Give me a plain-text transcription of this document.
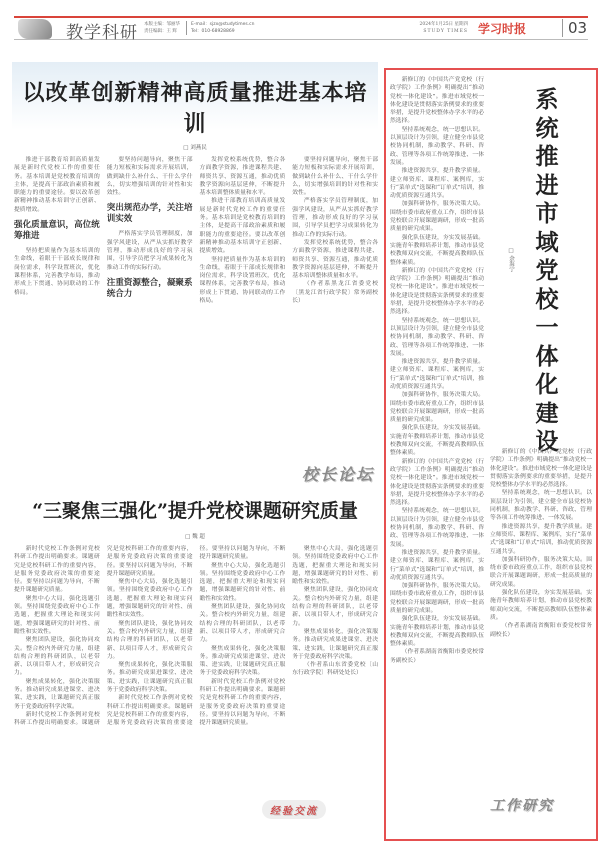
教学科研 本版主编：邹丽华
责任编辑：王 辉
E-mail：sjzx@studytimes.cn
Tel：010-68928869
2024年1月25日 星期四
STUDY TIMES 学习时报	03
以改革创新精神高质量推进基本培训
□ 刘燕民

推进干部教育培训高质量发展是新时代党校工作的重要任务。基本培训是党校教育培训的主体，是提高干部政治素质和履职能力的重要途径。要以改革创新精神推动基本培训守正创新、提质增效。

强化质量意识，高位统筹推进

坚持把质量作为基本培训的生命线，着眼于干部成长规律和岗位需求，科学设置班次，优化课程体系，完善教学布局，推动形成上下贯通、协同联动的工作格局。

要坚持问题导向，聚焦干部能力短板和实际需求开展培训，做到缺什么补什么、干什么学什么，切实增强培训的针对性和实效性。

突出规范办学，关注培训实效

严格落实学员管理制度，加强学风建设，从严从实抓好教学管理，推动形成良好的学习氛围，引导学员把学习成果转化为推动工作的实际行动。

注重资源整合，凝聚系统合力

发挥党校系统优势，整合各方面教学资源，推进课程共建、师资共享、资源互通，推动优质教学资源向基层延伸，不断提升基本培训整体质量和水平。

推进干部教育培训高质量发展是新时代党校工作的重要任务。基本培训是党校教育培训的主体，是提高干部政治素质和履职能力的重要途径。要以改革创新精神推动基本培训守正创新、提质增效。

坚持把质量作为基本培训的生命线，着眼于干部成长规律和岗位需求，科学设置班次，优化课程体系，完善教学布局，推动形成上下贯通、协同联动的工作格局。

要坚持问题导向，聚焦干部能力短板和实际需求开展培训，做到缺什么补什么、干什么学什么，切实增强培训的针对性和实效性。

严格落实学员管理制度，加强学风建设，从严从实抓好教学管理，推动形成良好的学习氛围，引导学员把学习成果转化为推动工作的实际行动。

发挥党校系统优势，整合各方面教学资源，推进课程共建、师资共享、资源互通，推动优质教学资源向基层延伸，不断提升基本培训整体质量和水平。

（作者系黑龙江省委党校〔黑龙江省行政学院〕常务副校长）

校长论坛
“三聚焦三强化”提升党校课题研究质量
□ 魏 超

新时代党校工作条例对党校科研工作提出明确要求。课题研究是党校科研工作的重要内容，是服务党委政府决策的重要途径。要坚持以问题为导向，不断提升课题研究质量。

聚焦中心大局，强化选题引领。坚持围绕党委政府中心工作选题，把握重大理论和现实问题，增强课题研究的针对性、前瞻性和实效性。

聚焦团队建设，强化协同攻关。整合校内外研究力量，组建结构合理的科研团队，以老带新、以项目带人才，形成研究合力。

聚焦成果转化，强化决策服务。推动研究成果进课堂、进决策、进实践，让课题研究真正服务于党委政府科学决策。

新时代党校工作条例对党校科研工作提出明确要求。课题研究是党校科研工作的重要内容，是服务党委政府决策的重要途径。要坚持以问题为导向，不断提升课题研究质量。

聚焦中心大局，强化选题引领。坚持围绕党委政府中心工作选题，把握重大理论和现实问题，增强课题研究的针对性、前瞻性和实效性。

聚焦团队建设，强化协同攻关。整合校内外研究力量，组建结构合理的科研团队，以老带新、以项目带人才，形成研究合力。

聚焦成果转化，强化决策服务。推动研究成果进课堂、进决策、进实践，让课题研究真正服务于党委政府科学决策。

新时代党校工作条例对党校科研工作提出明确要求。课题研究是党校科研工作的重要内容，是服务党委政府决策的重要途径。要坚持以问题为导向，不断提升课题研究质量。

聚焦中心大局，强化选题引领。坚持围绕党委政府中心工作选题，把握重大理论和现实问题，增强课题研究的针对性、前瞻性和实效性。

聚焦团队建设，强化协同攻关。整合校内外研究力量，组建结构合理的科研团队，以老带新、以项目带人才，形成研究合力。

聚焦成果转化，强化决策服务。推动研究成果进课堂、进决策、进实践，让课题研究真正服务于党委政府科学决策。

新时代党校工作条例对党校科研工作提出明确要求。课题研究是党校科研工作的重要内容，是服务党委政府决策的重要途径。要坚持以问题为导向，不断提升课题研究质量。

聚焦中心大局，强化选题引领。坚持围绕党委政府中心工作选题，把握重大理论和现实问题，增强课题研究的针对性、前瞻性和实效性。

聚焦团队建设，强化协同攻关。整合校内外研究力量，组建结构合理的科研团队，以老带新、以项目带人才，形成研究合力。

聚焦成果转化，强化决策服务。推动研究成果进课堂、进决策、进实践，让课题研究真正服务于党委政府科学决策。

（作者系山东省委党校〔山东行政学院〕科研处处长）

经验交流

新修订的《中国共产党党校（行政学院）工作条例》明确提出“推动党校一体化建设”。推进市域党校一体化建设是贯彻落实条例要求的重要举措，是提升党校整体办学水平的必然选择。

坚持系统观念，统一思想认识。以顶层设计为引领，建立健全市县党校协同机制，推动教学、科研、咨政、管理等各项工作统筹推进、一体发展。

推进资源共享，提升教学质量。建立师资库、课程库、案例库，实行“菜单式”选课和“订单式”培训，推动优质资源互通共享。

加强科研协作，服务决策大局。围绕市委市政府重点工作，组织市县党校联合开展课题调研，形成一批高质量的研究成果。

强化队伍建设，夯实发展基础。实施青年教师培养计划，推动市县党校教师双向交流，不断提高教师队伍整体素质。

新修订的《中国共产党党校（行政学院）工作条例》明确提出“推动党校一体化建设”。推进市域党校一体化建设是贯彻落实条例要求的重要举措，是提升党校整体办学水平的必然选择。

坚持系统观念，统一思想认识。以顶层设计为引领，建立健全市县党校协同机制，推动教学、科研、咨政、管理等各项工作统筹推进、一体发展。

推进资源共享，提升教学质量。建立师资库、课程库、案例库，实行“菜单式”选课和“订单式”培训，推动优质资源互通共享。

加强科研协作，服务决策大局。围绕市委市政府重点工作，组织市县党校联合开展课题调研，形成一批高质量的研究成果。

强化队伍建设，夯实发展基础。实施青年教师培养计划，推动市县党校教师双向交流，不断提高教师队伍整体素质。

新修订的《中国共产党党校（行政学院）工作条例》明确提出“推动党校一体化建设”。推进市域党校一体化建设是贯彻落实条例要求的重要举措，是提升党校整体办学水平的必然选择。

坚持系统观念，统一思想认识。以顶层设计为引领，建立健全市县党校协同机制，推动教学、科研、咨政、管理等各项工作统筹推进、一体发展。

推进资源共享，提升教学质量。建立师资库、课程库、案例库，实行“菜单式”选课和“订单式”培训，推动优质资源互通共享。

加强科研协作，服务决策大局。围绕市委市政府重点工作，组织市县党校联合开展课题调研，形成一批高质量的研究成果。

强化队伍建设，夯实发展基础。实施青年教师培养计划，推动市县党校教师双向交流，不断提高教师队伍整体素质。

（作者系湖南省衡阳市委党校常务副校长）

系统推进市域党校一体化建设
□ 余海宁

新修订的《中国共产党党校（行政学院）工作条例》明确提出“推动党校一体化建设”。推进市域党校一体化建设是贯彻落实条例要求的重要举措，是提升党校整体办学水平的必然选择。

坚持系统观念，统一思想认识。以顶层设计为引领，建立健全市县党校协同机制，推动教学、科研、咨政、管理等各项工作统筹推进、一体发展。

推进资源共享，提升教学质量。建立师资库、课程库、案例库，实行“菜单式”选课和“订单式”培训，推动优质资源互通共享。

加强科研协作，服务决策大局。围绕市委市政府重点工作，组织市县党校联合开展课题调研，形成一批高质量的研究成果。

强化队伍建设，夯实发展基础。实施青年教师培养计划，推动市县党校教师双向交流，不断提高教师队伍整体素质。

（作者系湖南省衡阳市委党校常务副校长）

工作研究
